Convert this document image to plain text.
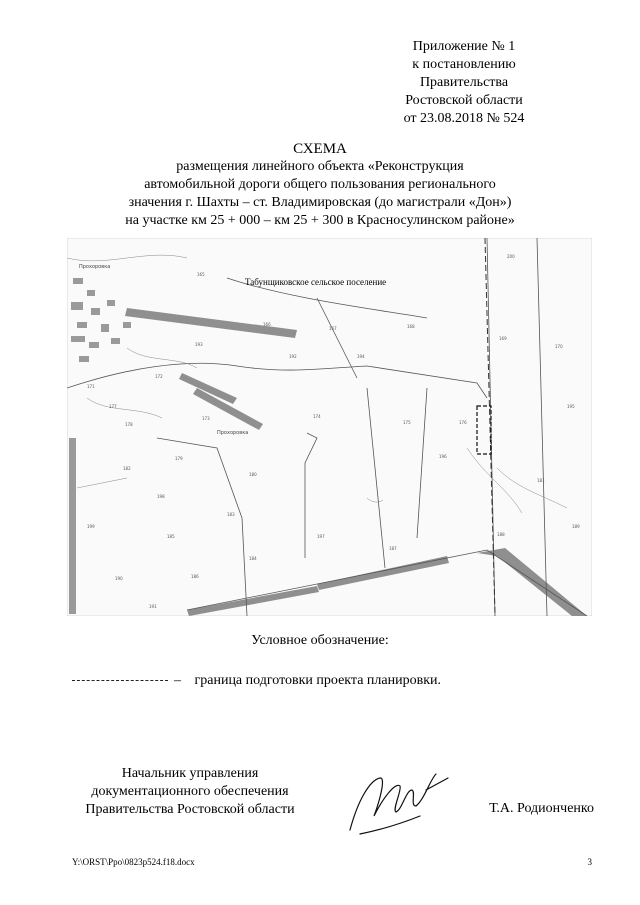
Приложение № 1
к постановлению
Правительства
Ростовской области
от 23.08.2018 № 524
СХЕМА
размещения линейного объекта «Реконструкция
автомобильной дороги общего пользования регионального
значения г. Шахты – ст. Владимировская (до магистрали «Дон»)
на участке км 25 + 000 – км 25 + 300 в Красносулинском районе»
Прохоровка
Прохоровка
Табунщиковское сельское поселение
165
166
167	168
169
170
171
172
173	174
175	176
177
178
179
180
181
182
183
184
185
186
187
188
189
190
191
192
193
194
195
196
197
198
199
200
Условное обозначение:
– граница подготовки проекта планировки.
Начальник управления
документационного обеспечения
Правительства Ростовской области	Т.А. Родионченко
Y:\ORST\Ppo\0823p524.f18.docx	3
